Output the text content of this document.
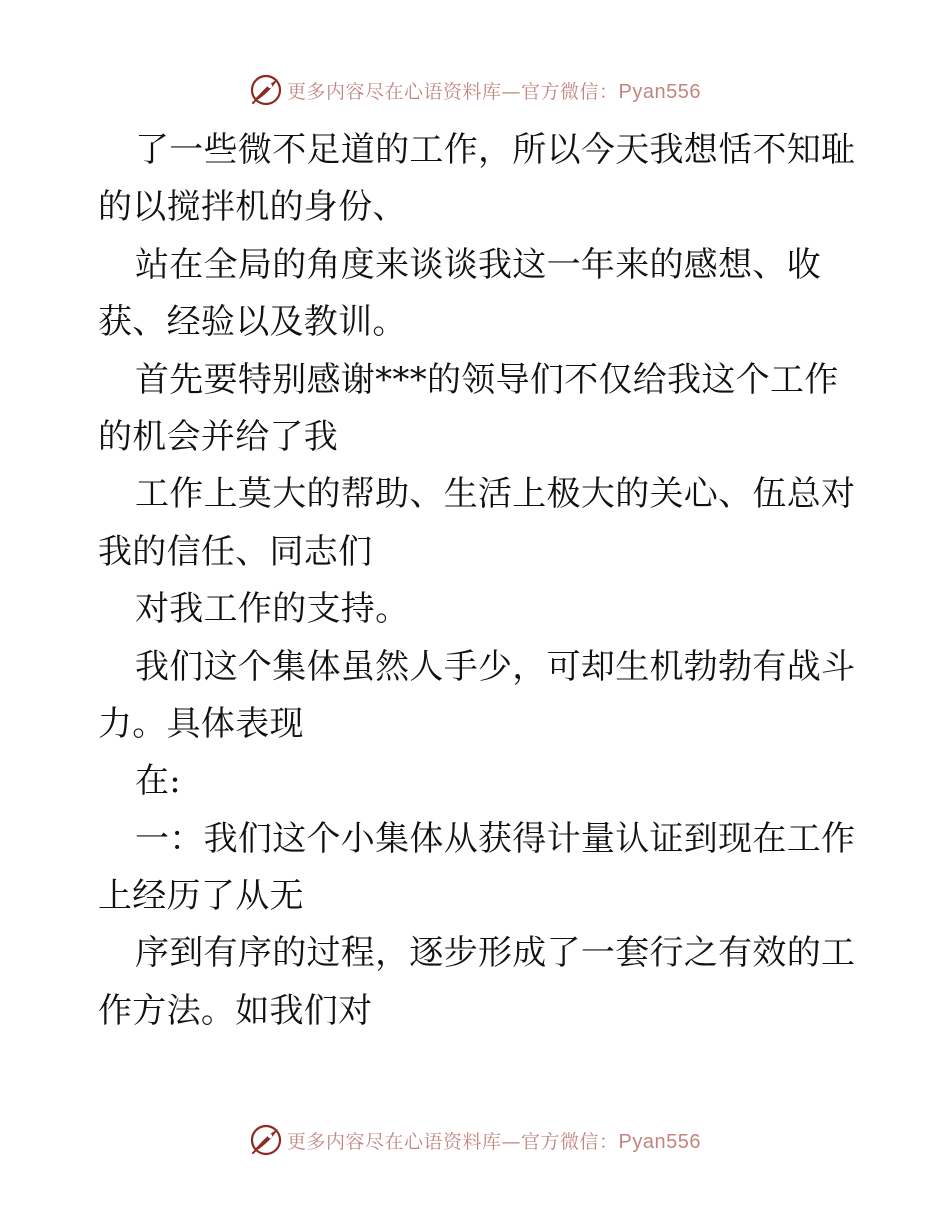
更多内容尽在心语资料库—官方微信：Pyan556
了一些微不足道的工作，所以今天我想恬不知耻
的以搅拌机的身份、
站在全局的角度来谈谈我这一年来的感想、收
获、经验以及教训。
首先要特别感谢***的领导们不仅给我这个工作
的机会并给了我
工作上莫大的帮助、生活上极大的关心、伍总对
我的信任、同志们
对我工作的支持。
我们这个集体虽然人手少，可却生机勃勃有战斗
力。具体表现
在:
一：我们这个小集体从获得计量认证到现在工作
上经历了从无
序到有序的过程，逐步形成了一套行之有效的工
作方法。如我们对
更多内容尽在心语资料库—官方微信：Pyan556
